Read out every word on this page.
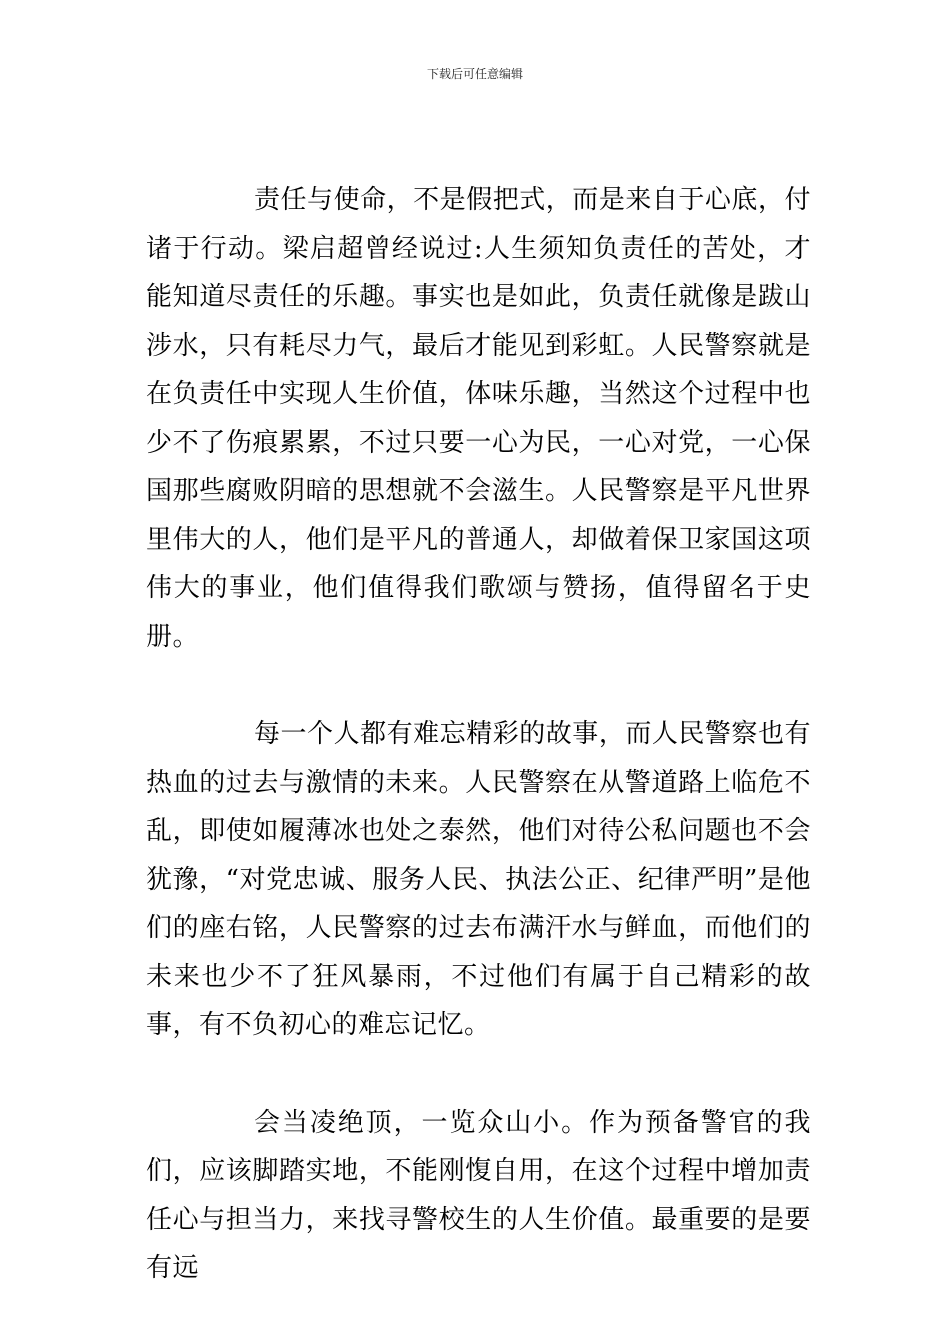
下载后可任意编辑

责任与使命，不是假把式，而是来自于心底，付诸于行动。梁启超曾经说过:人生须知负责任的苦处，才能知道尽责任的乐趣。事实也是如此，负责任就像是跋山涉水，只有耗尽力气，最后才能见到彩虹。人民警察就是在负责任中实现人生价值，体味乐趣，当然这个过程中也少不了伤痕累累，不过只要一心为民，一心对党，一心保国那些腐败阴暗的思想就不会滋生。人民警察是平凡世界里伟大的人，他们是平凡的普通人，却做着保卫家国这项伟大的事业，他们值得我们歌颂与赞扬，值得留名于史册。

每一个人都有难忘精彩的故事，而人民警察也有热血的过去与激情的未来。人民警察在从警道路上临危不乱，即使如履薄冰也处之泰然，他们对待公私问题也不会犹豫，“对党忠诚、服务人民、执法公正、纪律严明”是他们的座右铭，人民警察的过去布满汗水与鲜血，而他们的未来也少不了狂风暴雨，不过他们有属于自己精彩的故事，有不负初心的难忘记忆。

会当凌绝顶，一览众山小。作为预备警官的我们，应该脚踏实地，不能刚愎自用，在这个过程中增加责任心与担当力，来找寻警校生的人生价值。最重要的是要有远
